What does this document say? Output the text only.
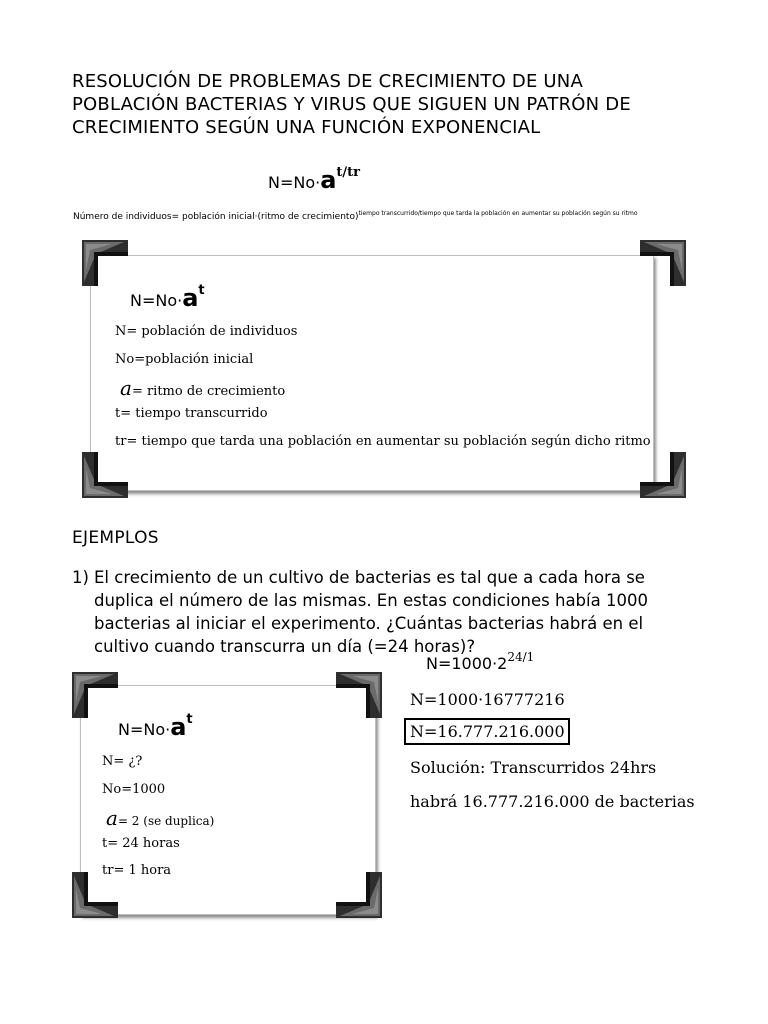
RESOLUCIÓN DE PROBLEMAS DE CRECIMIENTO DE UNA
POBLACIÓN BACTERIAS Y VIRUS QUE SIGUEN UN PATRÓN DE
CRECIMIENTO SEGÚN UNA FUNCIÓN EXPONENCIAL
$N=No\cdot a^{t/tr}$
Número de individuos= población inicial·(ritmo de crecimiento)$^{tiempo transcurrido/tiempo que tarda la población en aumentar su población según su ritmo}$
$N=No\cdot a^t$
N= población de individuos
No=población inicial
a= ritmo de crecimiento
t= tiempo transcurrido
tr= tiempo que tarda una población en aumentar su población según dicho ritmo
EJEMPLOS
1) El crecimiento de un cultivo de bacterias es tal que a cada hora se
duplica el número de las mismas. En estas condiciones había 1000
bacterias al iniciar el experimento. ¿Cuántas bacterias habrá en el
cultivo cuando transcurra un día (=24 horas)?
$N=1000\cdot 2^{24/1}$
$N=No\cdot a^t$
N= ¿?
No=1000
a= 2 (se duplica)
t= 24 horas
tr= 1 hora
N=1000·16777216
N=16.777.216.000
Solución: Transcurridos 24hrs
habrá 16.777.216.000 de bacterias
